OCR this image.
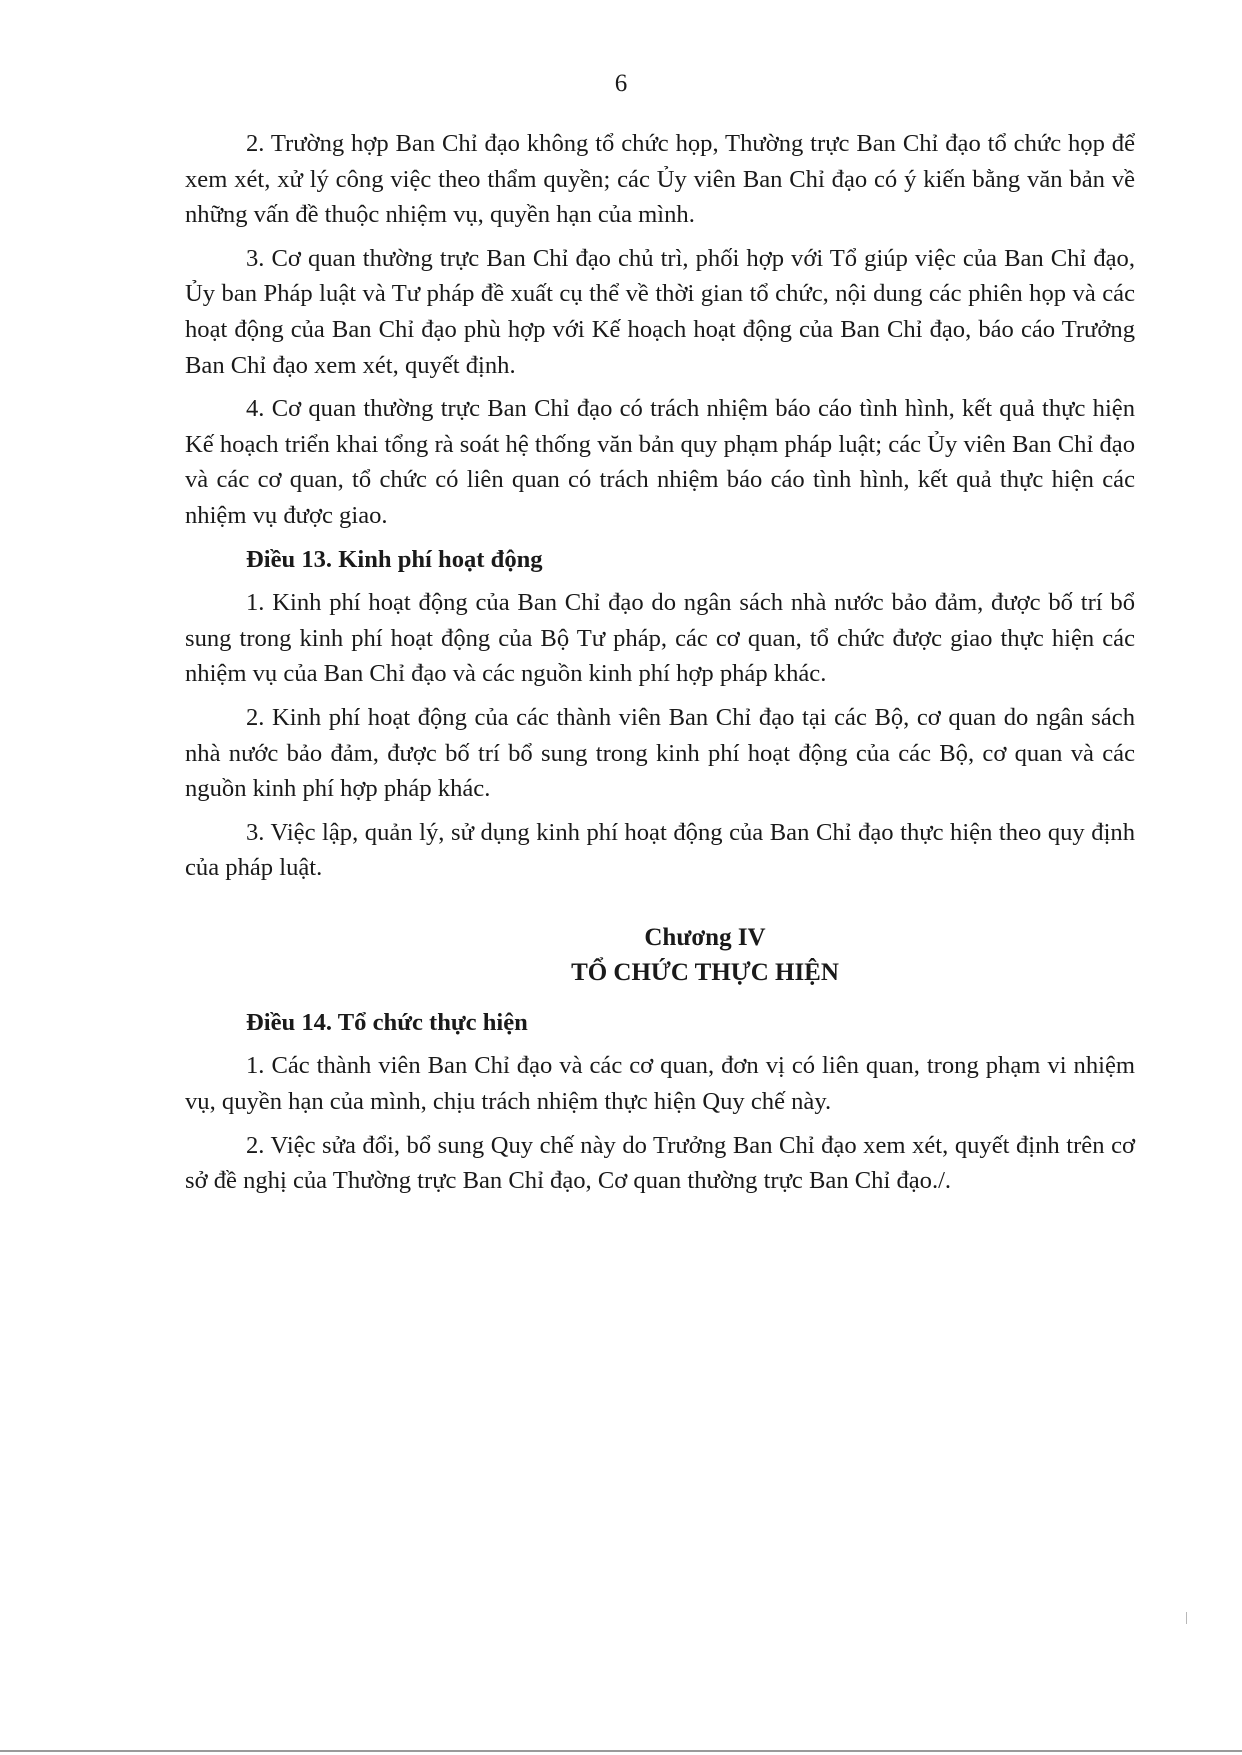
6

2. Trường hợp Ban Chỉ đạo không tổ chức họp, Thường trực Ban Chỉ đạo tổ chức họp để xem xét, xử lý công việc theo thẩm quyền; các Ủy viên Ban Chỉ đạo có ý kiến bằng văn bản về những vấn đề thuộc nhiệm vụ, quyền hạn của mình.

3. Cơ quan thường trực Ban Chỉ đạo chủ trì, phối hợp với Tổ giúp việc của Ban Chỉ đạo, Ủy ban Pháp luật và Tư pháp đề xuất cụ thể về thời gian tổ chức, nội dung các phiên họp và các hoạt động của Ban Chỉ đạo phù hợp với Kế hoạch hoạt động của Ban Chỉ đạo, báo cáo Trưởng Ban Chỉ đạo xem xét, quyết định.

4. Cơ quan thường trực Ban Chỉ đạo có trách nhiệm báo cáo tình hình, kết quả thực hiện Kế hoạch triển khai tổng rà soát hệ thống văn bản quy phạm pháp luật; các Ủy viên Ban Chỉ đạo và các cơ quan, tổ chức có liên quan có trách nhiệm báo cáo tình hình, kết quả thực hiện các nhiệm vụ được giao.

Điều 13. Kinh phí hoạt động

1. Kinh phí hoạt động của Ban Chỉ đạo do ngân sách nhà nước bảo đảm, được bố trí bổ sung trong kinh phí hoạt động của Bộ Tư pháp, các cơ quan, tổ chức được giao thực hiện các nhiệm vụ của Ban Chỉ đạo và các nguồn kinh phí hợp pháp khác.

2. Kinh phí hoạt động của các thành viên Ban Chỉ đạo tại các Bộ, cơ quan do ngân sách nhà nước bảo đảm, được bố trí bổ sung trong kinh phí hoạt động của các Bộ, cơ quan và các nguồn kinh phí hợp pháp khác.

3. Việc lập, quản lý, sử dụng kinh phí hoạt động của Ban Chỉ đạo thực hiện theo quy định của pháp luật.

Chương IV
TỔ CHỨC THỰC HIỆN

Điều 14. Tổ chức thực hiện

1. Các thành viên Ban Chỉ đạo và các cơ quan, đơn vị có liên quan, trong phạm vi nhiệm vụ, quyền hạn của mình, chịu trách nhiệm thực hiện Quy chế này.

2. Việc sửa đổi, bổ sung Quy chế này do Trưởng Ban Chỉ đạo xem xét, quyết định trên cơ sở đề nghị của Thường trực Ban Chỉ đạo, Cơ quan thường trực Ban Chỉ đạo./.
